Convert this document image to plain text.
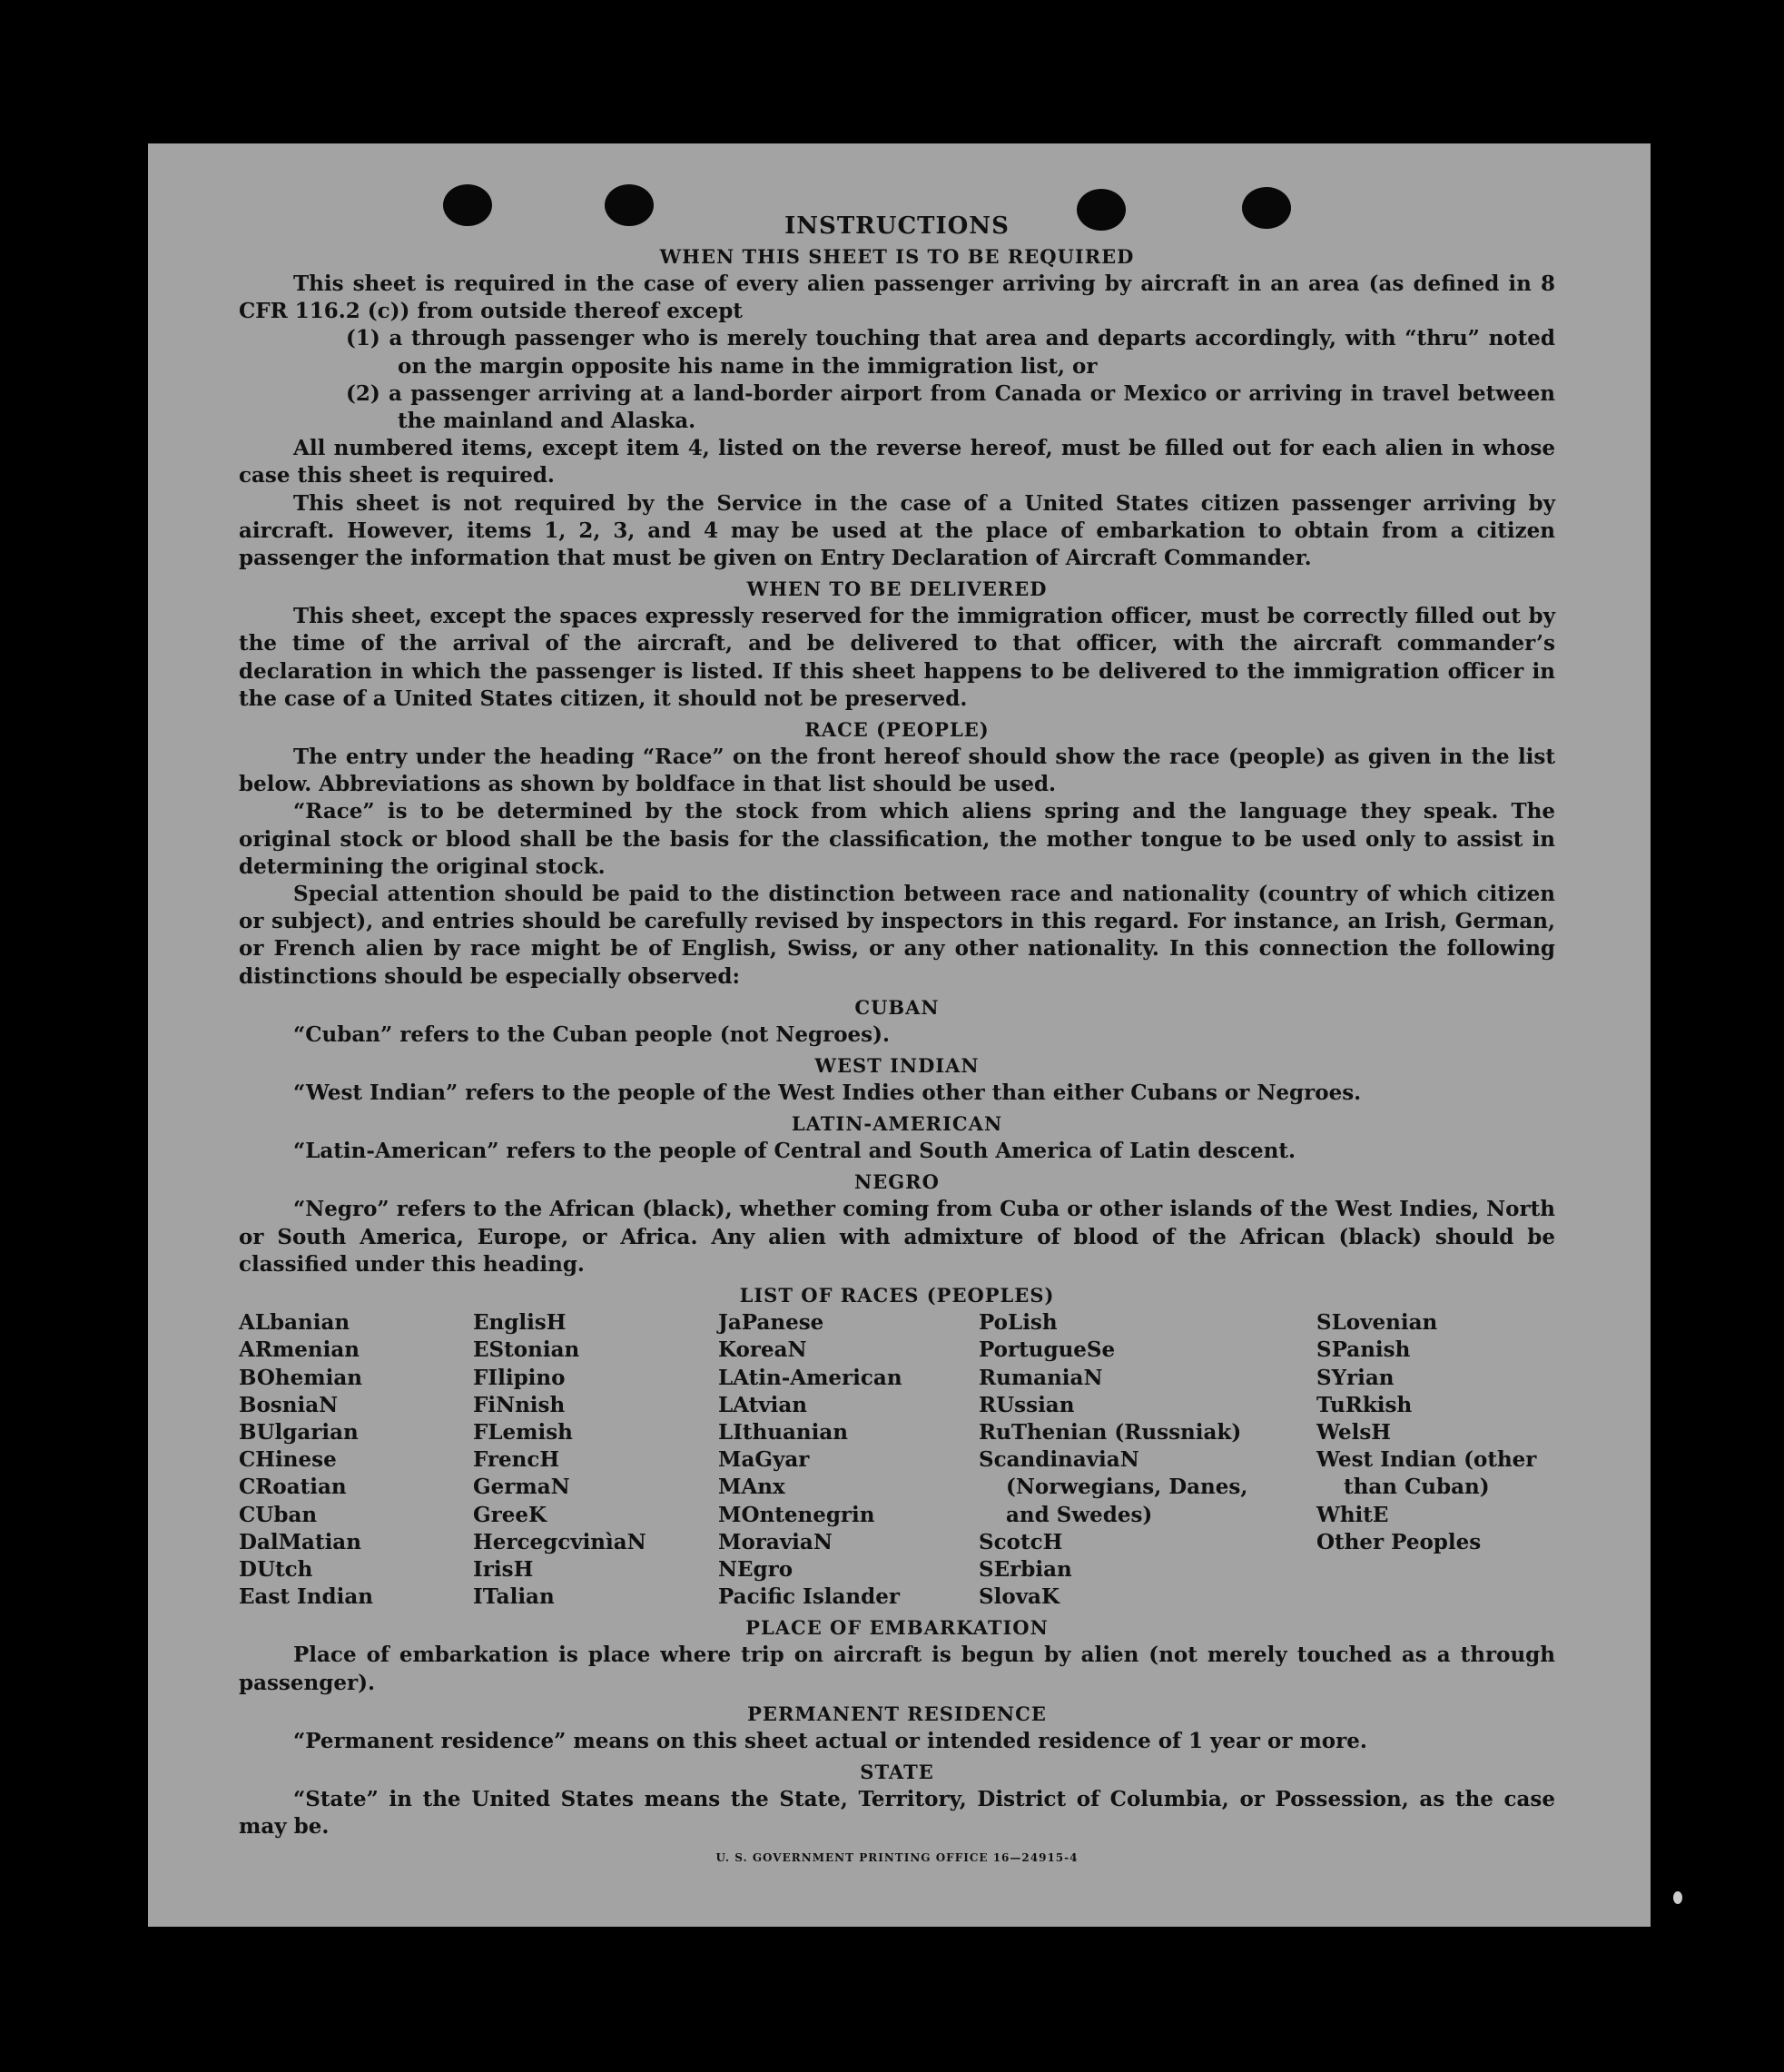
INSTRUCTIONS
WHEN THIS SHEET IS TO BE REQUIRED

This sheet is required in the case of every alien passenger arriving by aircraft in an area (as defined in 8 CFR 116.2 (c)) from outside thereof except

(1) a through passenger who is merely touching that area and departs accordingly, with “thru” noted on the margin opposite his name in the immigration list, or

(2) a passenger arriving at a land-border airport from Canada or Mexico or arriving in travel between the mainland and Alaska.

All numbered items, except item 4, listed on the reverse hereof, must be filled out for each alien in whose case this sheet is required.

This sheet is not required by the Service in the case of a United States citizen passenger arriving by aircraft. However, items 1, 2, 3, and 4 may be used at the place of embarkation to obtain from a citizen passenger the information that must be given on Entry Declaration of Aircraft Commander.

WHEN TO BE DELIVERED

This sheet, except the spaces expressly reserved for the immigration officer, must be correctly filled out by the time of the arrival of the aircraft, and be delivered to that officer, with the aircraft commander’s declaration in which the passenger is listed. If this sheet happens to be delivered to the immigration officer in the case of a United States citizen, it should not be preserved.

RACE (PEOPLE)

The entry under the heading “Race” on the front hereof should show the race (people) as given in the list below. Abbreviations as shown by boldface in that list should be used.

“Race” is to be determined by the stock from which aliens spring and the language they speak. The original stock or blood shall be the basis for the classification, the mother tongue to be used only to assist in determining the original stock.

Special attention should be paid to the distinction between race and nationality (country of which citizen or subject), and entries should be carefully revised by inspectors in this regard. For instance, an Irish, German, or French alien by race might be of English, Swiss, or any other nationality. In this connection the following distinctions should be especially observed:

CUBAN

“Cuban” refers to the Cuban people (not Negroes).

WEST INDIAN

“West Indian” refers to the people of the West Indies other than either Cubans or Negroes.

LATIN-AMERICAN

“Latin-American” refers to the people of Central and South America of Latin descent.

NEGRO

“Negro” refers to the African (black), whether coming from Cuba or other islands of the West Indies, North or South America, Europe, or Africa. Any alien with admixture of blood of the African (black) should be classified under this heading.

LIST OF RACES (PEOPLES)
ALbanian
ARmenian
BOhemian
BosniaN
BUlgarian
CHinese
CRoatian
CUban
DalMatian
DUtch
East Indian
EnglisH
EStonian
FIlipino
FiNnish
FLemish
FrencH
GermaN
GreeK
HercegcvinìaN
IrisH
ITalian
JaPanese
KoreaN
LAtin-American
LAtvian
LIthuanian
MaGyar
MAnx
MOntenegrin
MoraviaN
NEgro
Pacific Islander
PoLish
PortugueSe
RumaniaN
RUssian
RuThenian (Russniak)
ScandinaviaN (Norwegians, Danes, and Swedes)
ScotcH
SErbian
SlovaK
SLovenian
SPanish
SYrian
TuRkish
WelsH
West Indian (other than Cuban)
WhitE
Other Peoples
PLACE OF EMBARKATION

Place of embarkation is place where trip on aircraft is begun by alien (not merely touched as a through passenger).

PERMANENT RESIDENCE

“Permanent residence” means on this sheet actual or intended residence of 1 year or more.

STATE

“State” in the United States means the State, Territory, District of Columbia, or Possession, as the case may be.

U. S. GOVERNMENT PRINTING OFFICE 16—24915-4
